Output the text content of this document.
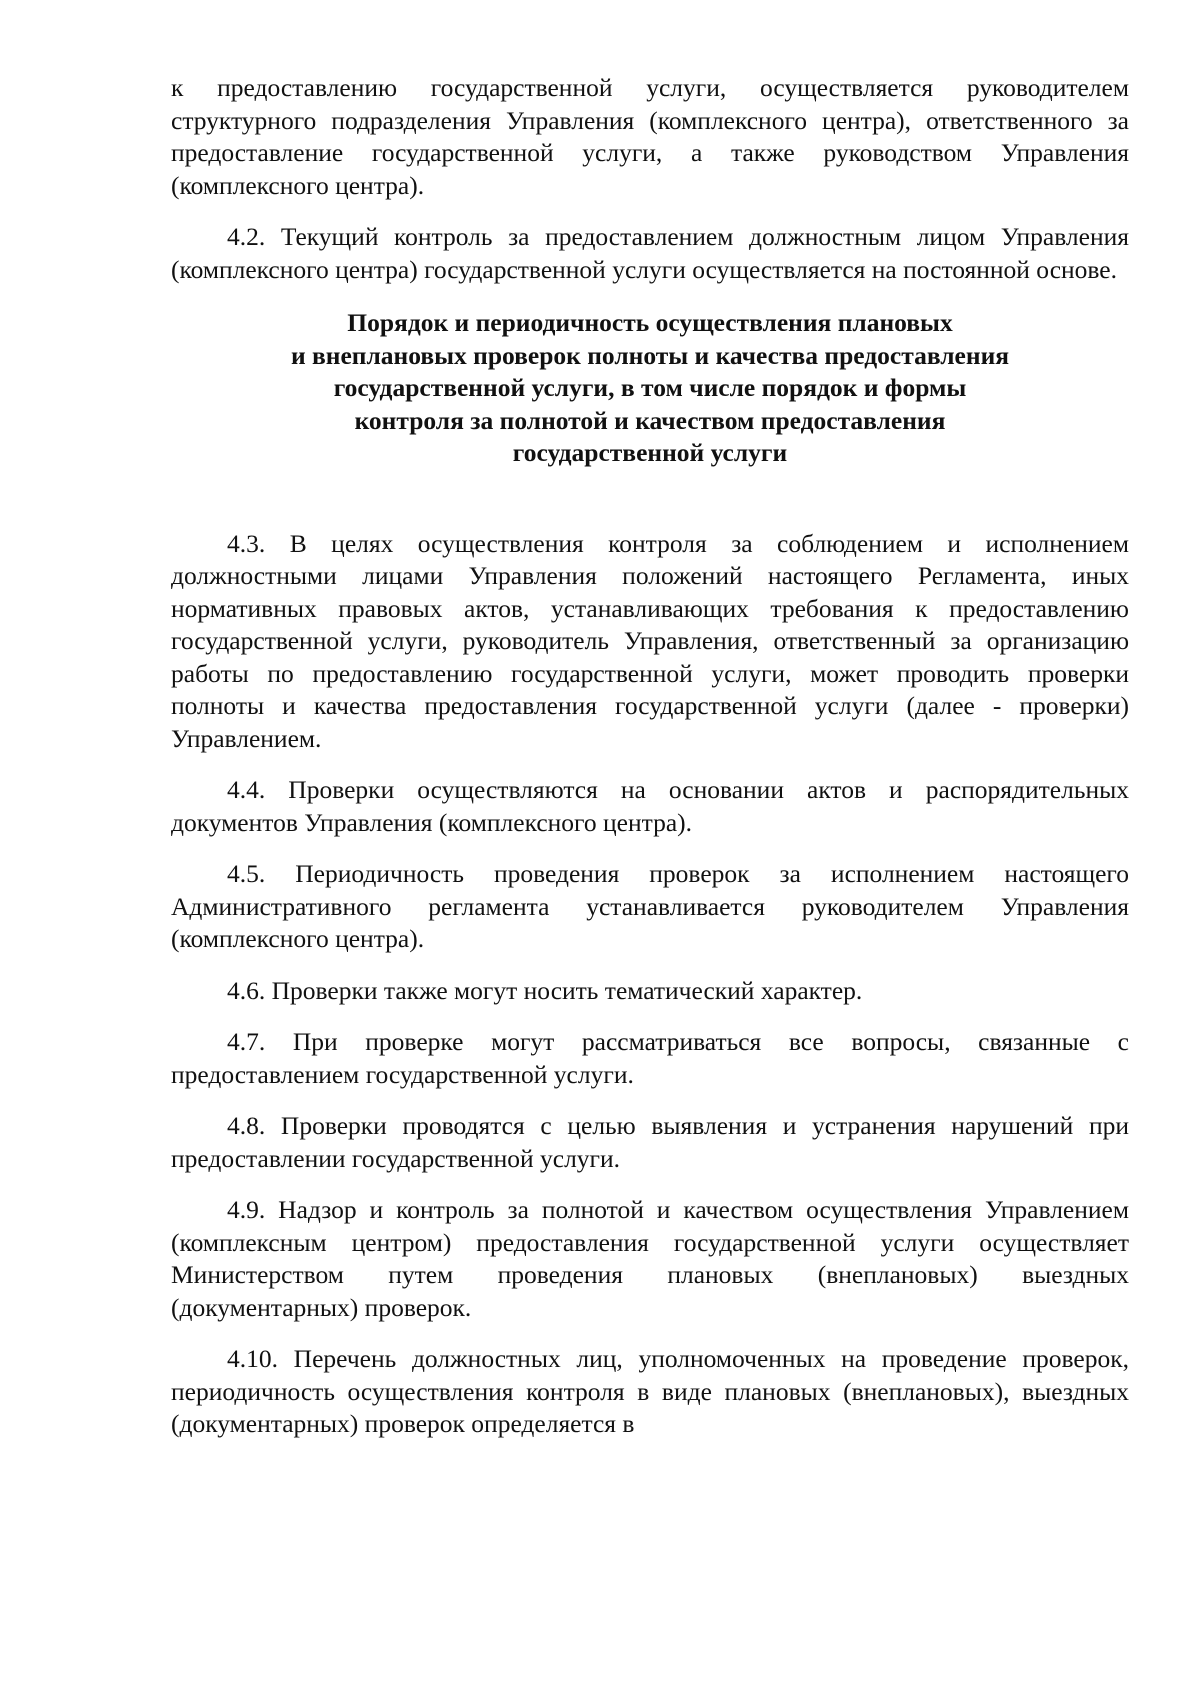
к предоставлению государственной услуги, осуществляется руководителем структурного подразделения Управления (комплексного центра), ответственного за предоставление государственной услуги, а также руководством Управления (комплексного центра).

4.2. Текущий контроль за предоставлением должностным лицом Управления (комплексного центра) государственной услуги осуществляется на постоянной основе.

Порядок и периодичность осуществления плановых
и внеплановых проверок полноты и качества предоставления
государственной услуги, в том числе порядок и формы
контроля за полнотой и качеством предоставления
государственной услуги

4.3. В целях осуществления контроля за соблюдением и исполнением должностными лицами Управления положений настоящего Регламента, иных нормативных правовых актов, устанавливающих требования к предоставлению государственной услуги, руководитель Управления, ответственный за организацию работы по предоставлению государственной услуги, может проводить проверки полноты и качества предоставления государственной услуги (далее - проверки) Управлением.

4.4. Проверки осуществляются на основании актов и распорядительных документов Управления (комплексного центра).

4.5. Периодичность проведения проверок за исполнением настоящего Административного регламента устанавливается руководителем Управления (комплексного центра).

4.6. Проверки также могут носить тематический характер.

4.7. При проверке могут рассматриваться все вопросы, связанные с предоставлением государственной услуги.

4.8. Проверки проводятся с целью выявления и устранения нарушений при предоставлении государственной услуги.

4.9. Надзор и контроль за полнотой и качеством осуществления Управлением (комплексным центром) предоставления государственной услуги осуществляет Министерством путем проведения плановых (внеплановых) выездных (документарных) проверок.

4.10. Перечень должностных лиц, уполномоченных на проведение проверок, периодичность осуществления контроля в виде плановых (внеплановых), выездных (документарных) проверок определяется в
